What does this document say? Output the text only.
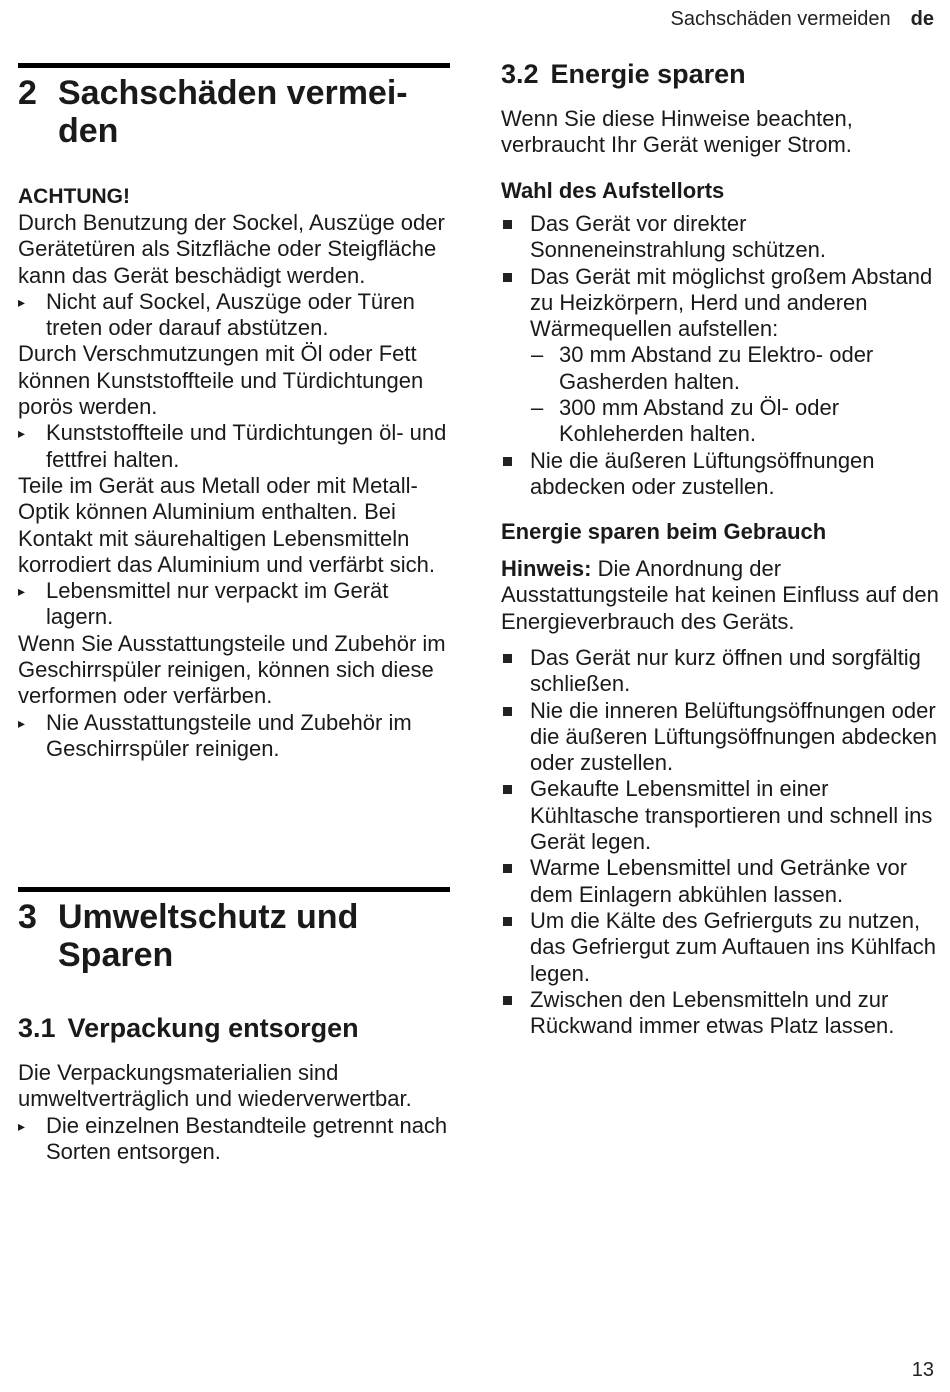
Sachschäden vermeiden de
2 Sachschäden vermei- den

ACHTUNG!

Durch Benutzung der Sockel, Auszüge oder Gerätetüren als Sitzfläche oder Steigfläche kann das Gerät beschädigt werden.

▸ Nicht auf Sockel, Auszüge oder Türen treten oder darauf abstützen.

Durch Verschmutzungen mit Öl oder Fett können Kunststoffteile und Türdichtungen porös werden.

▸ Kunststoffteile und Türdichtungen öl- und fettfrei halten.

Teile im Gerät aus Metall oder mit Metall-Optik können Aluminium enthalten. Bei Kontakt mit säurehaltigen Lebensmitteln korrodiert das Aluminium und verfärbt sich.

▸ Lebensmittel nur verpackt im Gerät lagern.

Wenn Sie Ausstattungsteile und Zubehör im Geschirrspüler reinigen, können sich diese verformen oder verfärben.

▸ Nie Ausstattungsteile und Zubehör im Geschirrspüler reinigen.
3 Umweltschutz und Sparen
3.1 Verpackung entsorgen

Die Verpackungsmaterialien sind umweltverträglich und wiederverwertbar.

▸ Die einzelnen Bestandteile getrennt nach Sorten entsorgen.
3.2 Energie sparen

Wenn Sie diese Hinweise beachten, verbraucht Ihr Gerät weniger Strom.

Wahl des Aufstellorts
Das Gerät vor direkter Sonneneinstrahlung schützen.
Das Gerät mit möglichst großem Abstand zu Heizkörpern, Herd und anderen Wärmequellen aufstellen:
– 30 mm Abstand zu Elektro- oder Gasherden halten.
– 300 mm Abstand zu Öl- oder Kohleherden halten.
Nie die äußeren Lüftungsöffnungen abdecken oder zustellen.
Energie sparen beim Gebrauch

Hinweis: Die Anordnung der Ausstattungsteile hat keinen Einfluss auf den Energieverbrauch des Geräts.

Das Gerät nur kurz öffnen und sorgfältig schließen.
Nie die inneren Belüftungsöffnungen oder die äußeren Lüftungsöffnungen abdecken oder zustellen.
Gekaufte Lebensmittel in einer Kühltasche transportieren und schnell ins Gerät legen.
Warme Lebensmittel und Getränke vor dem Einlagern abkühlen lassen.
Um die Kälte des Gefrierguts zu nutzen, das Gefriergut zum Auftauen ins Kühlfach legen.
Zwischen den Lebensmitteln und zur Rückwand immer etwas Platz lassen.
13
